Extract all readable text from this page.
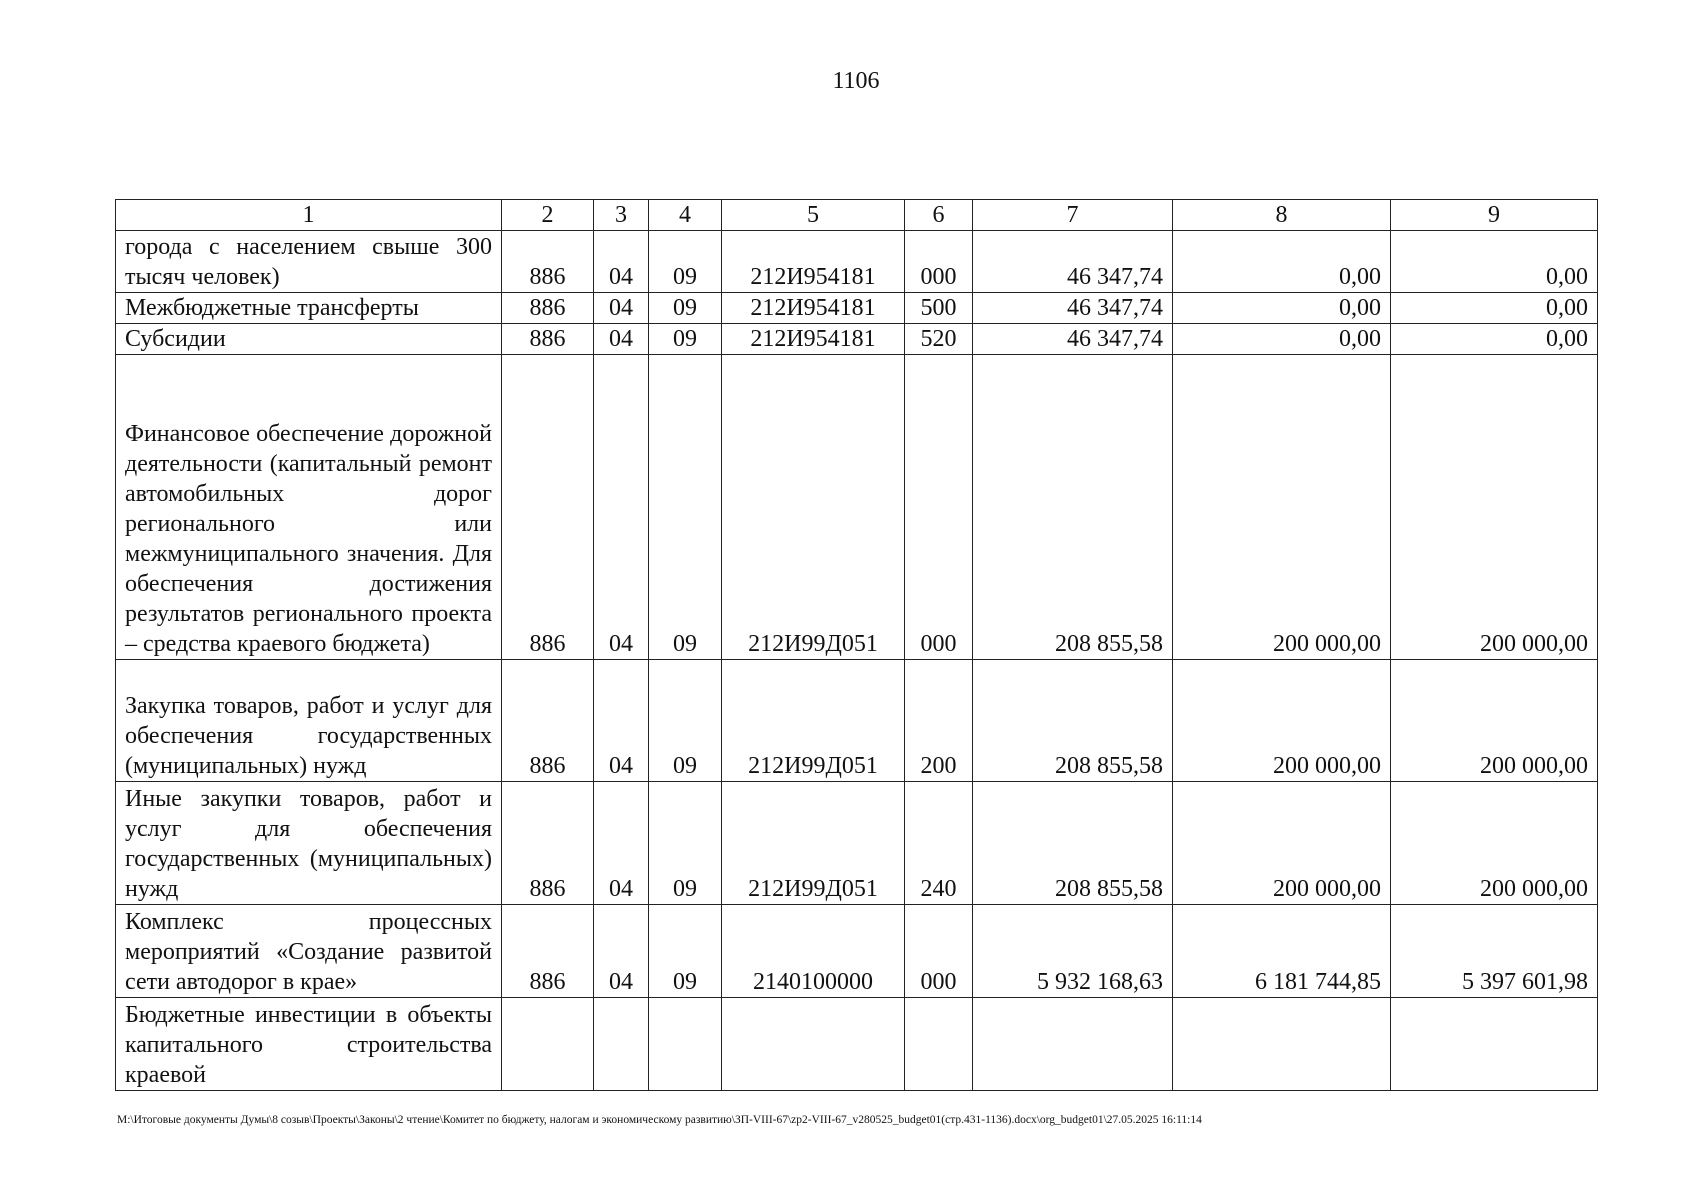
1106
1	2	3	4	5	6	7	8	9
города с населением свыше 300 тысяч человек)	886	04	09	212И954181	000	46 347,74	0,00	0,00
Межбюджетные трансферты	886	04	09	212И954181	500	46 347,74	0,00	0,00
Субсидии	886	04	09	212И954181	520	46 347,74	0,00	0,00
Финансовое обеспечение дорожной деятельности (капитальный ремонт автомобильных дорог регионального или межмуниципального значения. Для обеспечения достижения результатов регионального проекта – средства краевого бюджета)	886	04	09	212И99Д051	000	208 855,58	200 000,00	200 000,00
Закупка товаров, работ и услуг для обеспечения государственных (муниципальных) нужд	886	04	09	212И99Д051	200	208 855,58	200 000,00	200 000,00
Иные закупки товаров, работ и услуг для обеспечения государственных (муниципальных) нужд	886	04	09	212И99Д051	240	208 855,58	200 000,00	200 000,00
Комплекс процессных мероприятий «Создание развитой сети автодорог в крае»	886	04	09	2140100000	000	5 932 168,63	6 181 744,85	5 397 601,98
Бюджетные инвестиции в объекты капитального строительства краевой								
M:\Итоговые документы Думы\8 созыв\Проекты\Законы\2 чтение\Комитет по бюджету, налогам и экономическому развитию\ЗП-VIII-67\zp2-VIII-67_v280525_budget01(стр.431-1136).docx\org_budget01\27.05.2025 16:11:14
